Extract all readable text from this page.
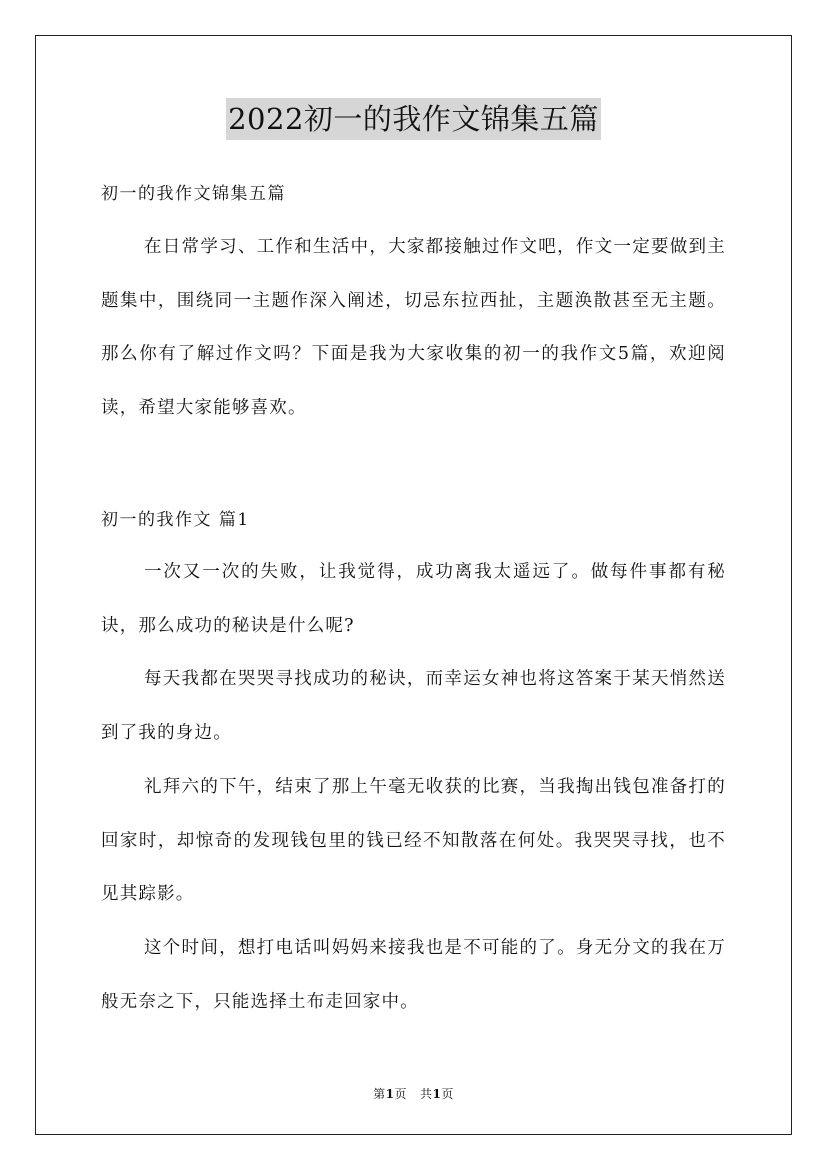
2022初一的我作文锦集五篇
初一的我作文锦集五篇

在日常学习、工作和生活中，大家都接触过作文吧，作文一定要做到主题集中，围绕同一主题作深入阐述，切忌东拉西扯，主题涣散甚至无主题。那么你有了解过作文吗？下面是我为大家收集的初一的我作文5篇，欢迎阅读，希望大家能够喜欢。

初一的我作文 篇1

一次又一次的失败，让我觉得，成功离我太遥远了。做每件事都有秘诀，那么成功的秘诀是什么呢?

每天我都在哭哭寻找成功的秘诀，而幸运女神也将这答案于某天悄然送到了我的身边。

礼拜六的下午，结束了那上午毫无收获的比赛，当我掏出钱包准备打的回家时，却惊奇的发现钱包里的钱已经不知散落在何处。我哭哭寻找，也不见其踪影。

这个时间，想打电话叫妈妈来接我也是不可能的了。身无分文的我在万般无奈之下，只能选择土布走回家中。

第1页 共1页
